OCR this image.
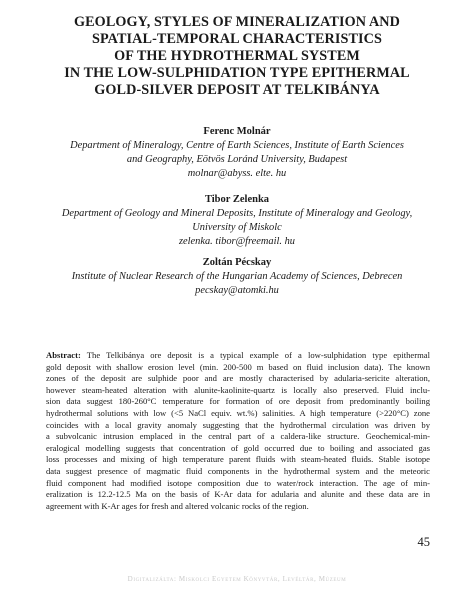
GEOLOGY, STYLES OF MINERALIZATION AND
SPATIAL-TEMPORAL CHARACTERISTICS
OF THE HYDROTHERMAL SYSTEM
IN THE LOW-SULPHIDATION TYPE EPITHERMAL
GOLD-SILVER DEPOSIT AT TELKIBÁNYA
Ferenc Molnár
Department of Mineralogy, Centre of Earth Sciences, Institute of Earth Sciences
and Geography, Eötvös Loránd University, Budapest
molnar@abyss. elte. hu
Tibor Zelenka
Department of Geology and Mineral Deposits, Institute of Mineralogy and Geology,
University of Miskolc
zelenka. tibor@freemail. hu
Zoltán Pécskay
Institute of Nuclear Research of the Hungarian Academy of Sciences, Debrecen
pecskay@atomki.hu
Abstract: The Telkibánya ore deposit is a typical example of a low-sulphidation type epithermal
gold deposit with shallow erosion level (min. 200-500 m based on fluid inclusion data). The known
zones of the deposit are sulphide poor and are mostly characterised by adularia-sericite alteration,
however steam-heated alteration with alunite-kaolinite-quartz is locally also preserved. Fluid inclu-
sion data suggest 180-260°C temperature for formation of ore deposit from predominantly boiling
hydrothermal solutions with low (<5 NaCl equiv. wt.%) salinities. A high temperature (>220°C) zone
coincides with a local gravity anomaly suggesting that the hydrothermal circulation was driven by
a subvolcanic intrusion emplaced in the central part of a caldera-like structure. Geochemical-min-
eralogical modelling suggests that concentration of gold occurred due to boiling and associated gas
loss processes and mixing of high temperature parent fluids with steam-heated fluids. Stable isotope
data suggest presence of magmatic fluid components in the hydrothermal system and the meteoric
fluid component had modified isotope composition due to water/rock interaction. The age of min-
eralization is 12.2-12.5 Ma on the basis of K-Ar data for adularia and alunite and these data are in
agreement with K-Ar ages for fresh and altered volcanic rocks of the region.
45
Digitalizálta: Miskolci Egyetem Könyvtár, Levéltár, Múzeum
